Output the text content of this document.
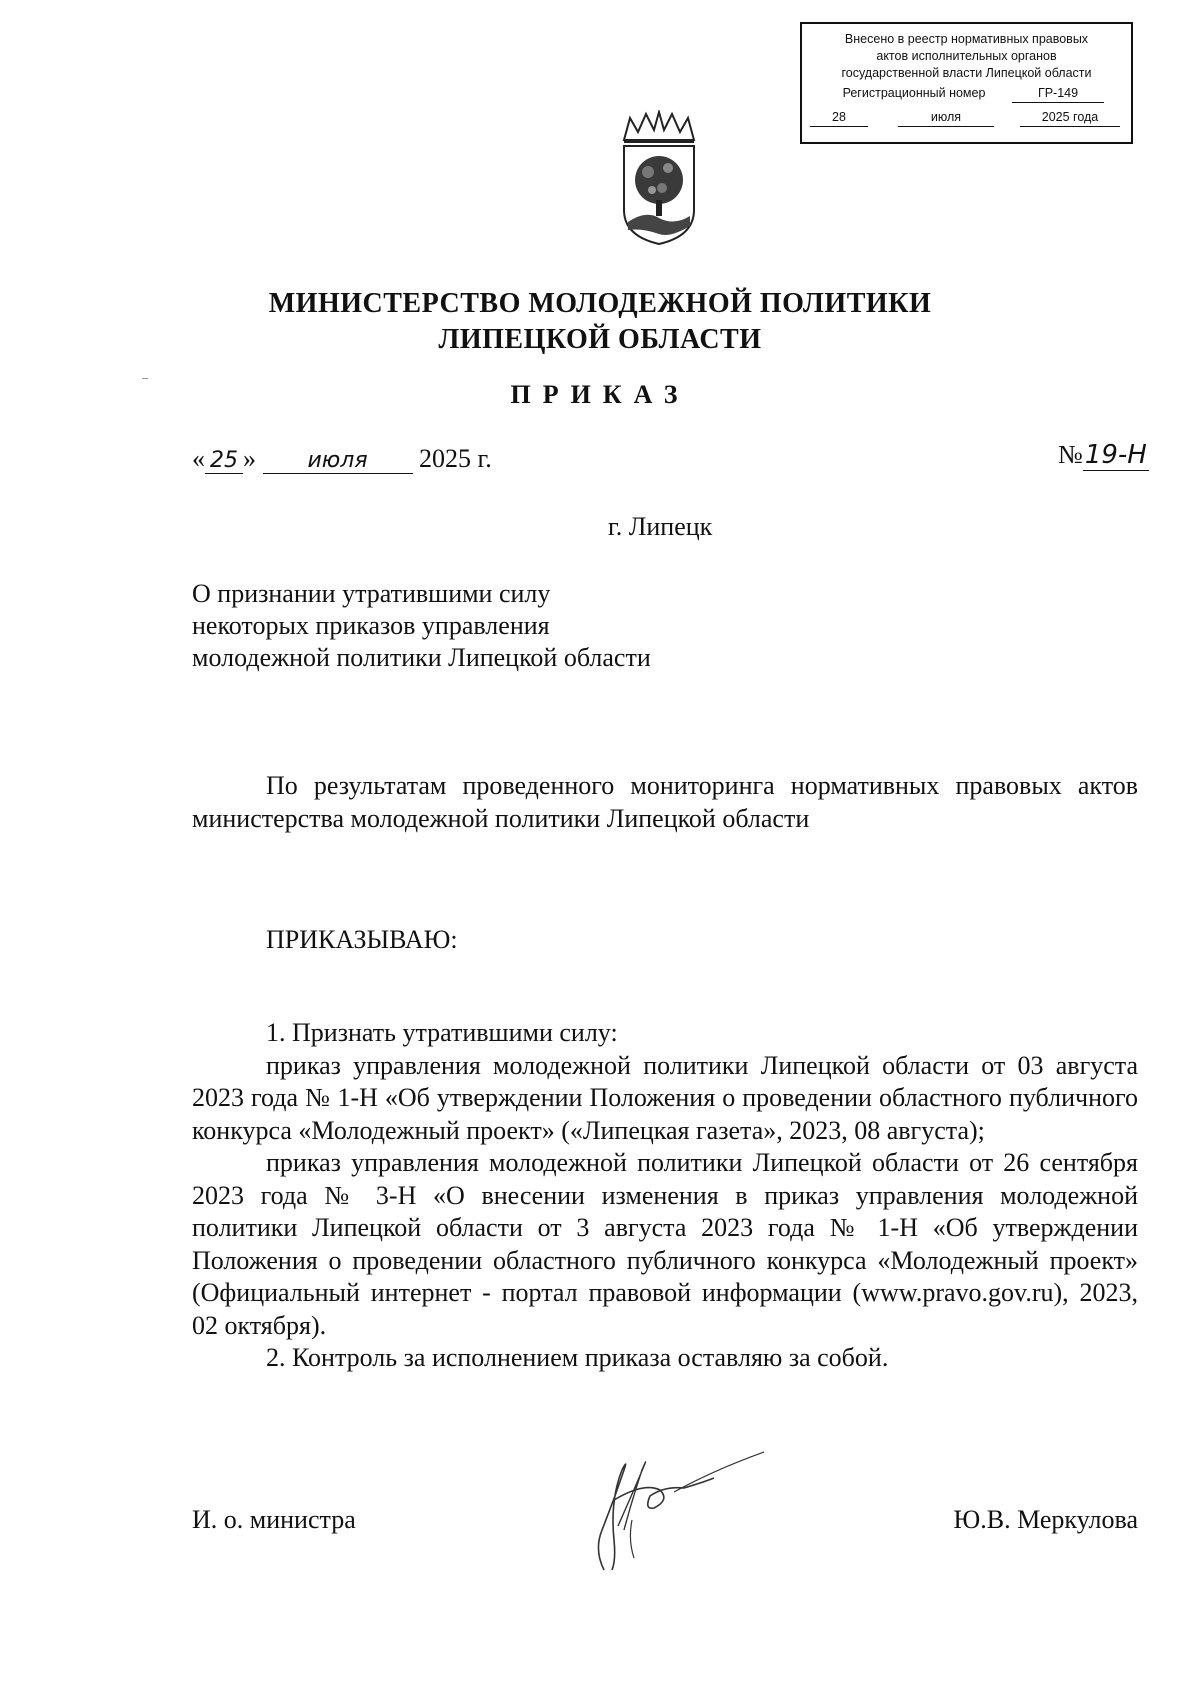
Внесено в реестр нормативных правовых
актов исполнительных органов
государственной власти Липецкой области
Регистрационный номер	ГР-149
28	июля	2025 года
МИНИСТЕРСТВО МОЛОДЕЖНОЙ ПОЛИТИКИ
ЛИПЕЦКОЙ ОБЛАСТИ
ПРИКАЗ
« 25 » июля 2025 г.	№19-Н
г. Липецк
О признании утратившими силу
некоторых приказов управления
молодежной политики Липецкой области
По результатам проведенного мониторинга нормативных правовых актов министерства молодежной политики Липецкой области
ПРИКАЗЫВАЮ:

1. Признать утратившими силу:

приказ управления молодежной политики Липецкой области от 03 августа 2023 года № 1-Н «Об утверждении Положения о проведении областного публичного конкурса «Молодежный проект» («Липецкая газета», 2023, 08 августа);

приказ управления молодежной политики Липецкой области от 26 сентября 2023 года № 3-Н «О внесении изменения в приказ управления молодежной политики Липецкой области от 3 августа 2023 года № 1-Н «Об утверждении Положения о проведении областного публичного конкурса «Молодежный проект» (Официальный интернет - портал правовой информации (www.pravo.gov.ru), 2023, 02 октября).

2. Контроль за исполнением приказа оставляю за собой.

И. о. министра	Ю.В. Меркулова
